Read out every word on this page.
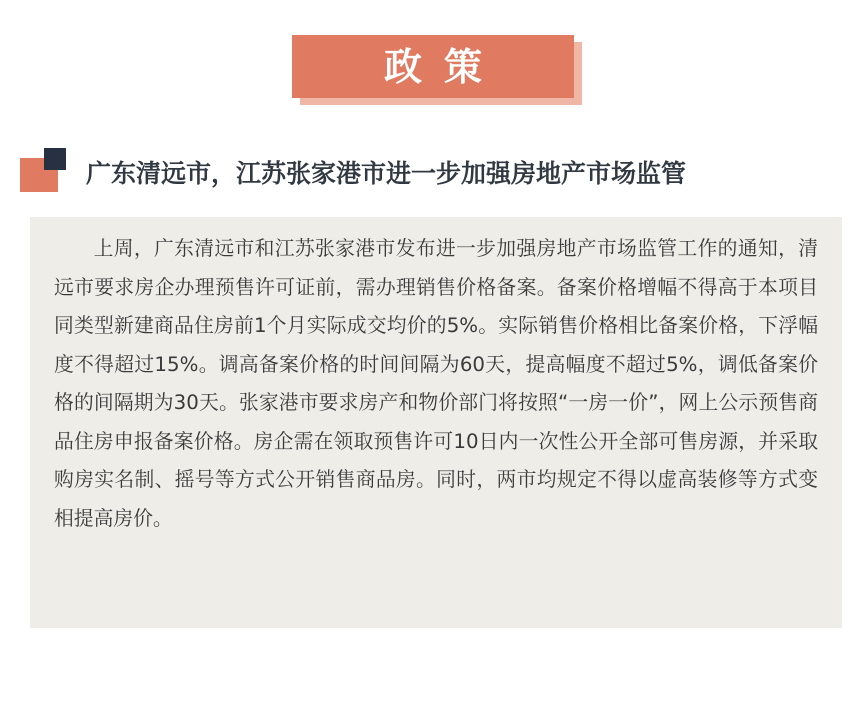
政策
广东清远市，江苏张家港市进一步加强房地产市场监管

上周，广东清远市和江苏张家港市发布进一步加强房地产市场监管工作的通知，清远市要求房企办理预售许可证前，需办理销售价格备案。备案价格增幅不得高于本项目同类型新建商品住房前1个月实际成交均价的5%。实际销售价格相比备案价格，下浮幅度不得超过15%。调高备案价格的时间间隔为60天，提高幅度不超过5%，调低备案价格的间隔期为30天。张家港市要求房产和物价部门将按照“一房一价”，网上公示预售商品住房申报备案价格。房企需在领取预售许可10日内一次性公开全部可售房源，并采取购房实名制、摇号等方式公开销售商品房。同时，两市均规定不得以虚高装修等方式变相提高房价。
